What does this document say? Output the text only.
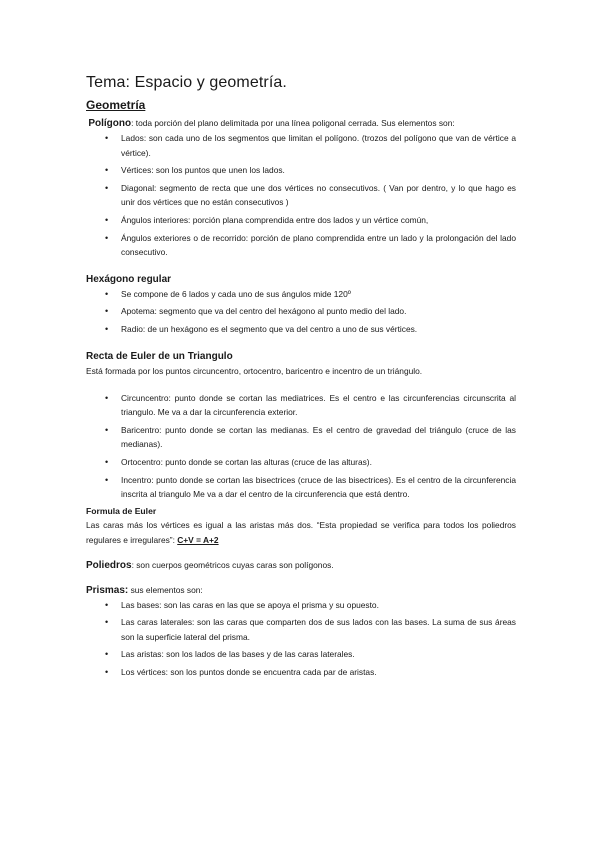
Tema: Espacio y geometría.
Geometría

Polígono: toda porción del plano delimitada por una línea poligonal cerrada. Sus elementos son:

• Lados: son cada uno de los segmentos que limitan el polígono. (trozos del polígono que van de vértice a vértice).
• Vértices: son los puntos que unen los lados.
• Diagonal: segmento de recta que une dos vértices no consecutivos. ( Van por dentro, y lo que hago es unir dos vértices que no están consecutivos )
• Ángulos interiores: porción plana comprendida entre dos lados y un vértice común,
• Ángulos exteriores o de recorrido: porción de plano comprendida entre un lado y la prolongación del lado consecutivo.
Hexágono regular
• Se compone de 6 lados y cada uno de sus ángulos mide 120º
• Apotema: segmento que va del centro del hexágono al punto medio del lado.
• Radio: de un hexágono es el segmento que va del centro a uno de sus vértices.
Recta de Euler de un Triangulo

Está formada por los puntos circuncentro, ortocentro, baricentro e incentro de un triángulo.

• Circuncentro: punto donde se cortan las mediatrices. Es el centro e las circunferencias circunscrita al triangulo. Me va a dar la circunferencia exterior.
• Baricentro: punto donde se cortan las medianas. Es el centro de gravedad del triángulo (cruce de las medianas).
• Ortocentro: punto donde se cortan las alturas (cruce de las alturas).
• Incentro: punto donde se cortan las bisectrices (cruce de las bisectrices). Es el centro de la circunferencia inscrita al triangulo Me va a dar el centro de la circunferencia que está dentro.
Formula de Euler

Las caras más los vértices es igual a las aristas más dos. “Esta propiedad se verifica para todos los poliedros regulares e irregulares”: C+V = A+2

Poliedros: son cuerpos geométricos cuyas caras son polígonos.

Prismas: sus elementos son:

• Las bases: son las caras en las que se apoya el prisma y su opuesto.
• Las caras laterales: son las caras que comparten dos de sus lados con las bases. La suma de sus áreas son la superficie lateral del prisma.
• Las aristas: son los lados de las bases y de las caras laterales.
• Los vértices: son los puntos donde se encuentra cada par de aristas.
